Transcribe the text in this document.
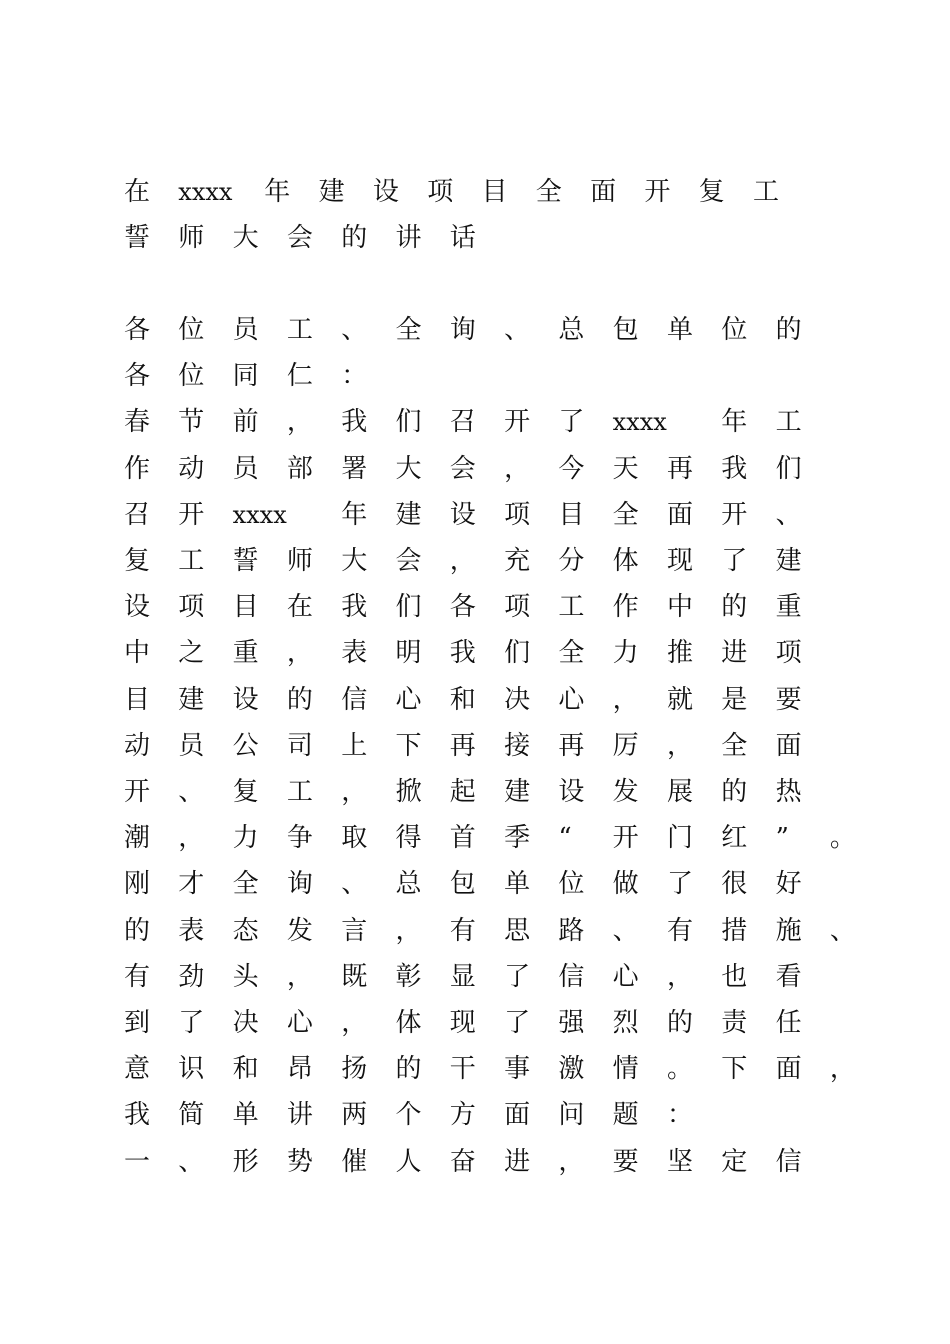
在	xxxx	年	建	设	项	目	全	面	开	复	工
誓	师	大	会	的	讲	话
各	位	员	工	、	全	询	、	总	包	单	位	的
各	位	同	仁	：
春	节	前	，	我	们	召	开	了	xxxx	年	工
作	动	员	部	署	大	会	，	今	天	再	我	们
召	开	xxxx	年	建	设	项	目	全	面	开	、
复	工	誓	师	大	会	，	充	分	体	现	了	建
设	项	目	在	我	们	各	项	工	作	中	的	重
中	之	重	，	表	明	我	们	全	力	推	进	项
目	建	设	的	信	心	和	决	心	，	就	是	要
动	员	公	司	上	下	再	接	再	厉	，	全	面
开	、	复	工	，	掀	起	建	设	发	展	的	热
潮	，	力	争	取	得	首	季	“	开	门	红	”	。
刚	才	全	询	、	总	包	单	位	做	了	很	好
的	表	态	发	言	，	有	思	路	、	有	措	施	、
有	劲	头	，	既	彰	显	了	信	心	，	也	看
到	了	决	心	，	体	现	了	强	烈	的	责	任
意	识	和	昂	扬	的	干	事	激	情	。	下	面	，
我	简	单	讲	两	个	方	面	问	题	：
一	、	形	势	催	人	奋	进	，	要	坚	定	信
